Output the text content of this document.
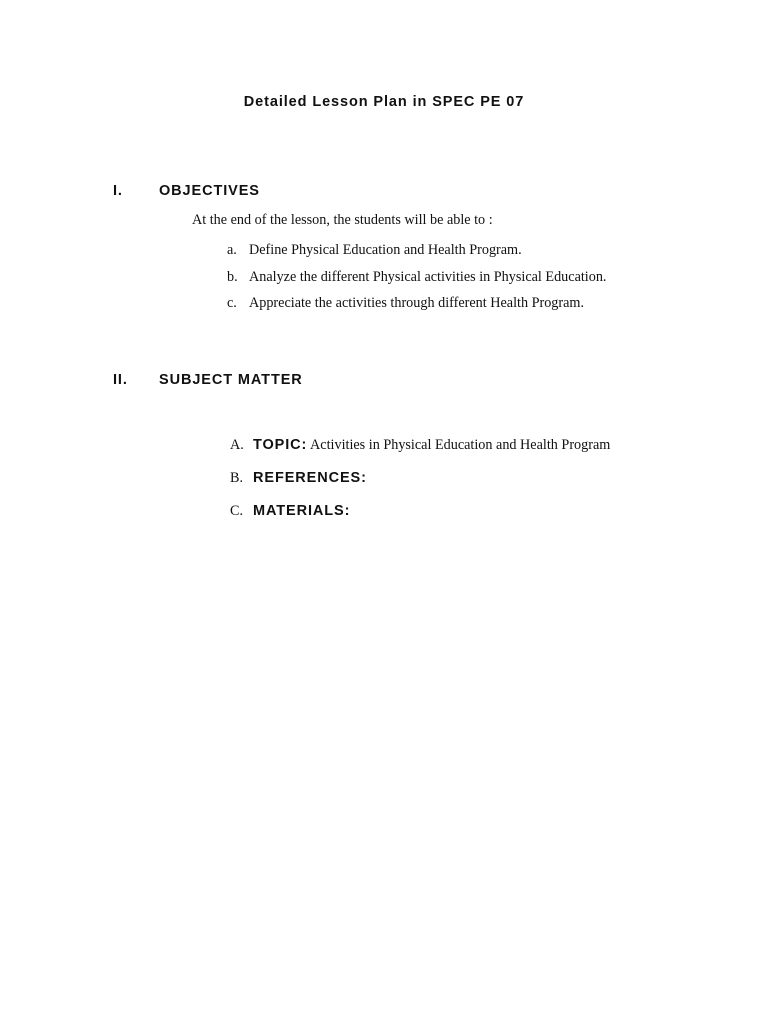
Detailed Lesson Plan in SPEC PE 07
I. OBJECTIVES
At the end of the lesson, the students will be able to :
a. Define Physical Education and Health Program.
b. Analyze the different Physical activities in Physical Education.
c. Appreciate the activities through different Health Program.
II. SUBJECT MATTER
A. TOPIC: Activities in Physical Education and Health Program
B. REFERENCES:
C. MATERIALS:
